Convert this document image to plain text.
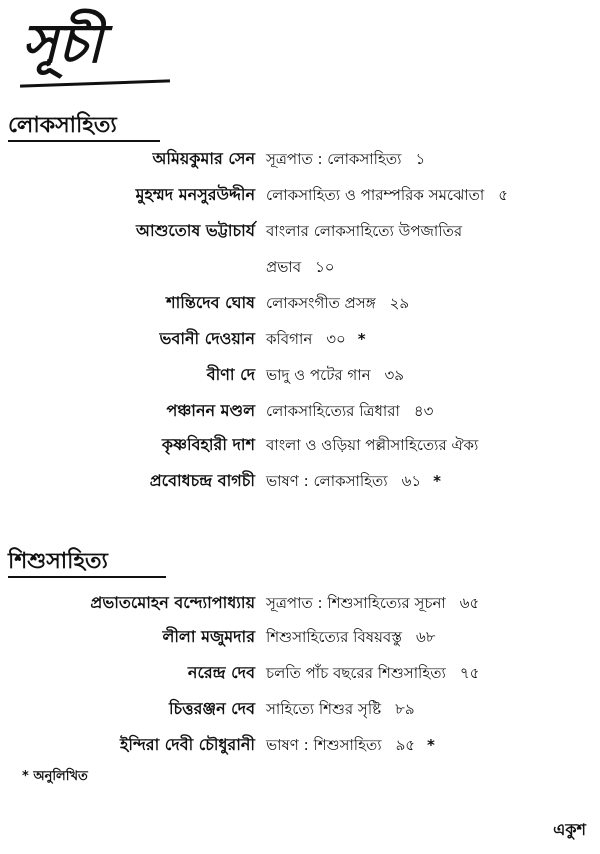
সূচী
লোকসাহিত্য
অমিয়কুমার সেন সূত্রপাত : লোকসাহিত্য ১
মুহম্মদ মনসুরউদ্দীন লোকসাহিত্য ও পারম্পরিক সমঝোতা ৫
আশুতোষ ভট্টাচার্য বাংলার লোকসাহিত্যে উপজাতির
প্রভাব ১০
শান্তিদেব ঘোষ লোকসংগীত প্রসঙ্গ ২৯
ভবানী দেওয়ান কবিগান ৩০ *
বীণা দে ভাদু ও পটের গান ৩৯
পঞ্চানন মণ্ডল লোকসাহিত্যের ত্রিধারা ৪৩
কৃষ্ণবিহারী দাশ বাংলা ও ওড়িয়া পল্লীসাহিত্যের ঐক্য
প্রবোধচন্দ্র বাগচী ভাষণ : লোকসাহিত্য ৬১ *
শিশুসাহিত্য
প্রভাতমোহন বন্দ্যোপাধ্যায় সূত্রপাত : শিশুসাহিত্যের সূচনা ৬৫
লীলা মজুমদার শিশুসাহিত্যের বিষয়বস্তু ৬৮
নরেন্দ্র দেব চলতি পাঁচ বছরের শিশুসাহিত্য ৭৫
চিত্তরঞ্জন দেব সাহিত্যে শিশুর সৃষ্টি ৮৯
ইন্দিরা দেবী চৌধুরানী ভাষণ : শিশুসাহিত্য ৯৫ *
* অনুলিখিত
একুশ
